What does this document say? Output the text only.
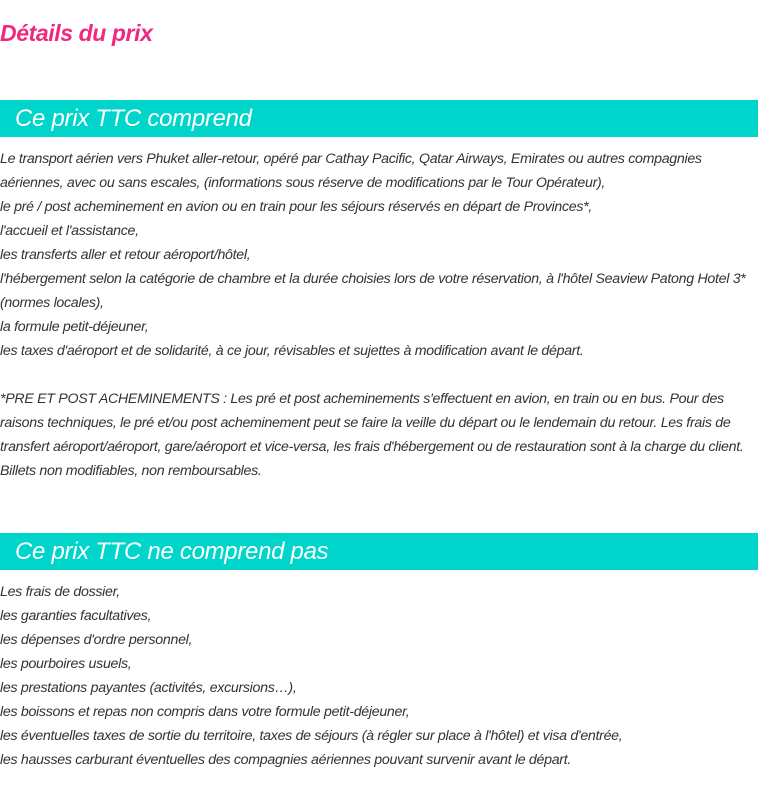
Détails du prix
Ce prix TTC comprend

Le transport aérien vers Phuket aller-retour, opéré par Cathay Pacific, Qatar Airways, Emirates ou autres compagnies aériennes, avec ou sans escales, (informations sous réserve de modifications par le Tour Opérateur),

le pré / post acheminement en avion ou en train pour les séjours réservés en départ de Provinces*,

l'accueil et l'assistance,

les transferts aller et retour aéroport/hôtel,

l'hébergement selon la catégorie de chambre et la durée choisies lors de votre réservation, à l'hôtel Seaview Patong Hotel 3* (normes locales),

la formule petit-déjeuner,

les taxes d'aéroport et de solidarité, à ce jour, révisables et sujettes à modification avant le départ.

*PRE ET POST ACHEMINEMENTS : Les pré et post acheminements s'effectuent en avion, en train ou en bus. Pour des raisons techniques, le pré et/ou post acheminement peut se faire la veille du départ ou le lendemain du retour. Les frais de transfert aéroport/aéroport, gare/aéroport et vice-versa, les frais d'hébergement ou de restauration sont à la charge du client. Billets non modifiables, non remboursables.

Ce prix TTC ne comprend pas

Les frais de dossier,

les garanties facultatives,

les dépenses d'ordre personnel,

les pourboires usuels,

les prestations payantes (activités, excursions…),

les boissons et repas non compris dans votre formule petit-déjeuner,

les éventuelles taxes de sortie du territoire, taxes de séjours (à régler sur place à l'hôtel) et visa d'entrée,

les hausses carburant éventuelles des compagnies aériennes pouvant survenir avant le départ.
